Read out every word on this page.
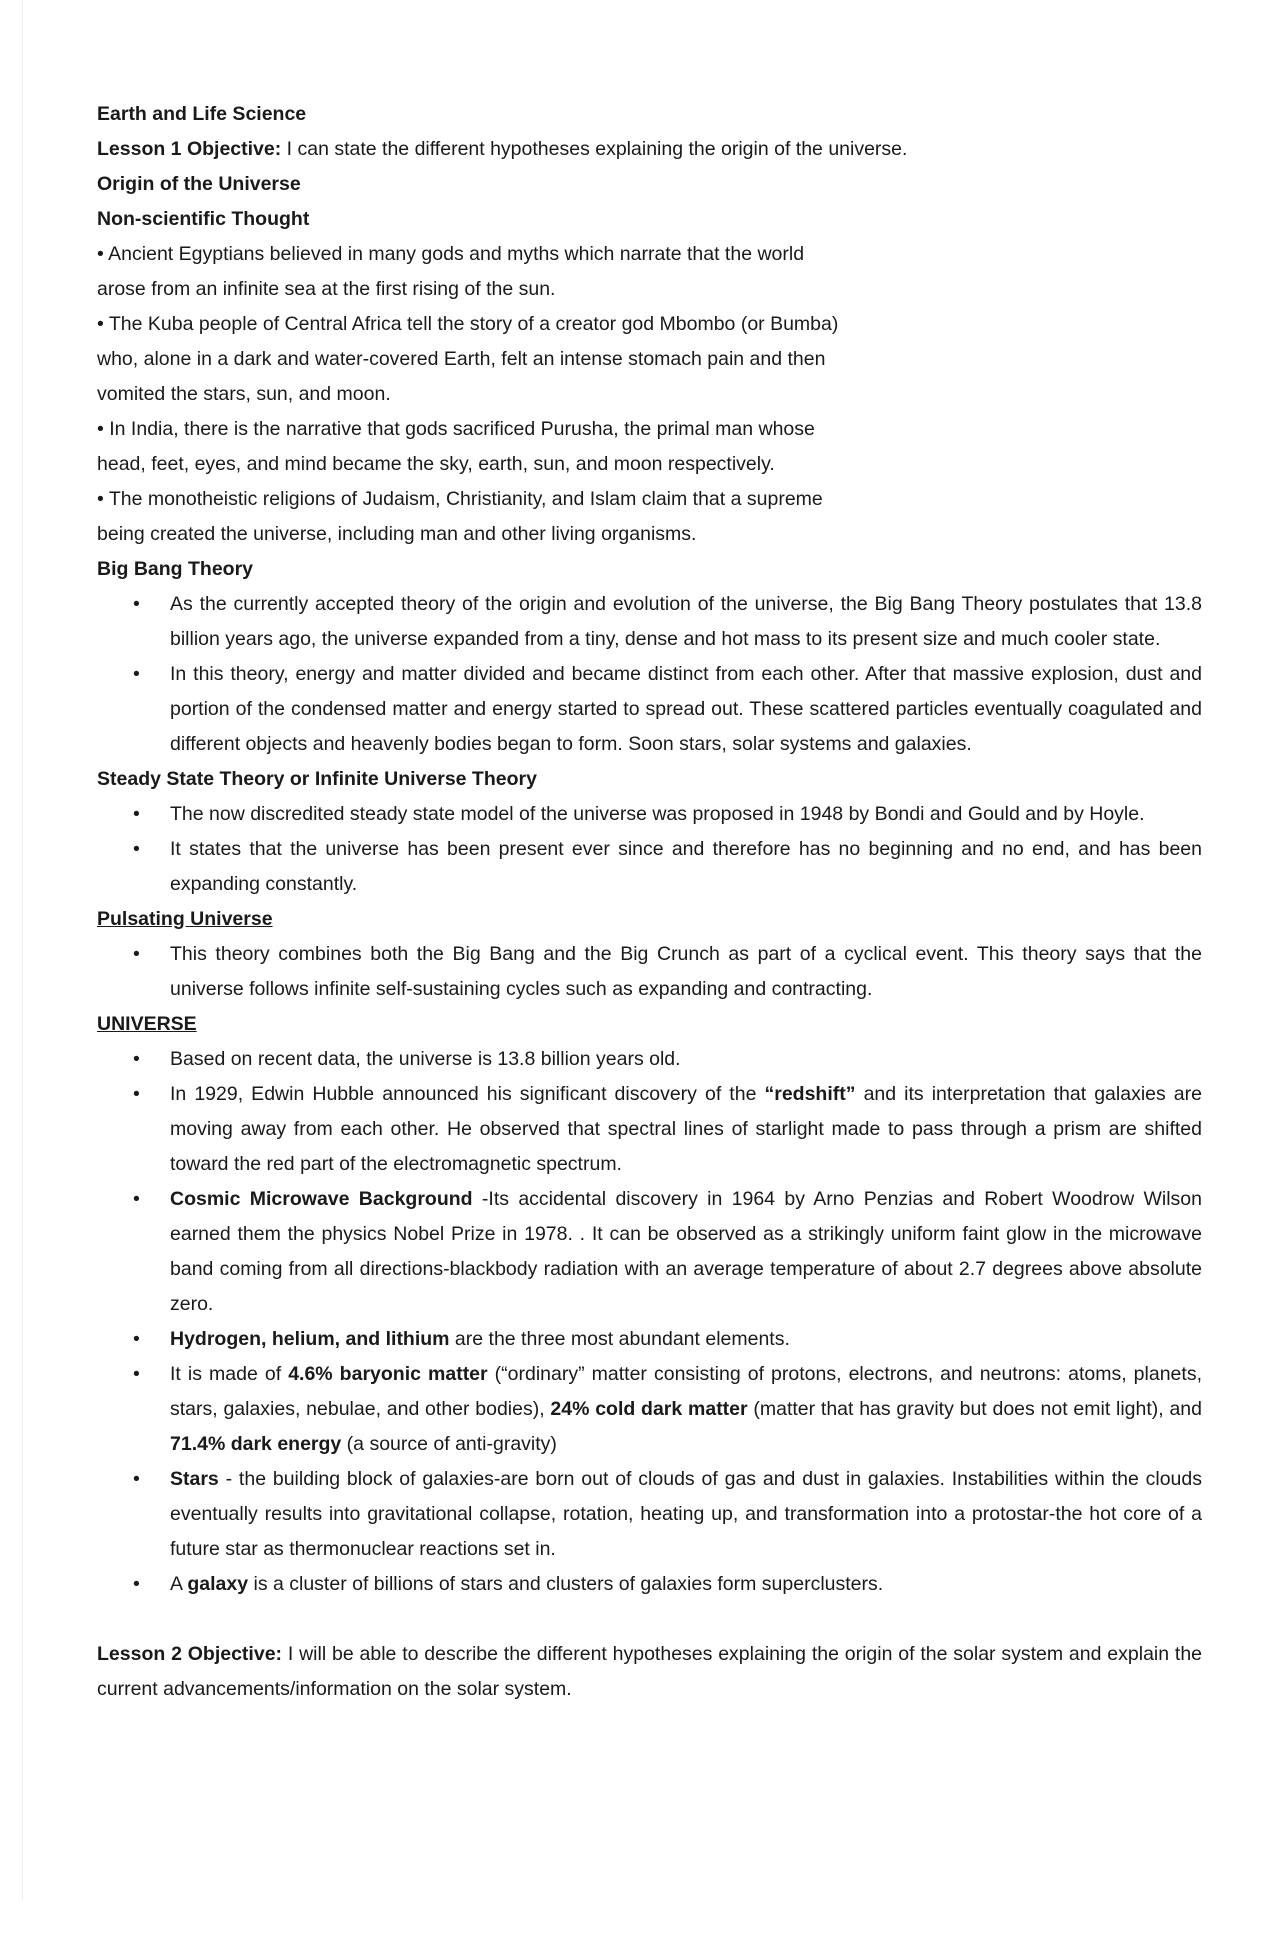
Earth and Life Science

Lesson 1 Objective: I can state the different hypotheses explaining the origin of the universe.

Origin of the Universe

Non-scientific Thought

• Ancient Egyptians believed in many gods and myths which narrate that the world arose from an infinite sea at the first rising of the sun.

• The Kuba people of Central Africa tell the story of a creator god Mbombo (or Bumba) who, alone in a dark and water-covered Earth, felt an intense stomach pain and then vomited the stars, sun, and moon.

• In India, there is the narrative that gods sacrificed Purusha, the primal man whose head, feet, eyes, and mind became the sky, earth, sun, and moon respectively.

• The monotheistic religions of Judaism, Christianity, and Islam claim that a supreme being created the universe, including man and other living organisms.

Big Bang Theory

• As the currently accepted theory of the origin and evolution of the universe, the Big Bang Theory postulates that 13.8 billion years ago, the universe expanded from a tiny, dense and hot mass to its present size and much cooler state.
• In this theory, energy and matter divided and became distinct from each other. After that massive explosion, dust and portion of the condensed matter and energy started to spread out. These scattered particles eventually coagulated and different objects and heavenly bodies began to form. Soon stars, solar systems and galaxies.

Steady State Theory or Infinite Universe Theory

• The now discredited steady state model of the universe was proposed in 1948 by Bondi and Gould and by Hoyle.
• It states that the universe has been present ever since and therefore has no beginning and no end, and has been expanding constantly.

Pulsating Universe

• This theory combines both the Big Bang and the Big Crunch as part of a cyclical event. This theory says that the universe follows infinite self-sustaining cycles such as expanding and contracting.

UNIVERSE

• Based on recent data, the universe is 13.8 billion years old.
• In 1929, Edwin Hubble announced his significant discovery of the “redshift” and its interpretation that galaxies are moving away from each other. He observed that spectral lines of starlight made to pass through a prism are shifted toward the red part of the electromagnetic spectrum.
• Cosmic Microwave Background -Its accidental discovery in 1964 by Arno Penzias and Robert Woodrow Wilson earned them the physics Nobel Prize in 1978. . It can be observed as a strikingly uniform faint glow in the microwave band coming from all directions-blackbody radiation with an average temperature of about 2.7 degrees above absolute zero.
• Hydrogen, helium, and lithium are the three most abundant elements.
• It is made of 4.6% baryonic matter (“ordinary” matter consisting of protons, electrons, and neutrons: atoms, planets, stars, galaxies, nebulae, and other bodies), 24% cold dark matter (matter that has gravity but does not emit light), and 71.4% dark energy (a source of anti-gravity)
• Stars - the building block of galaxies-are born out of clouds of gas and dust in galaxies. Instabilities within the clouds eventually results into gravitational collapse, rotation, heating up, and transformation into a protostar-the hot core of a future star as thermonuclear reactions set in.
• A galaxy is a cluster of billions of stars and clusters of galaxies form superclusters.

Lesson 2 Objective: I will be able to describe the different hypotheses explaining the origin of the solar system and explain the current advancements/information on the solar system.
